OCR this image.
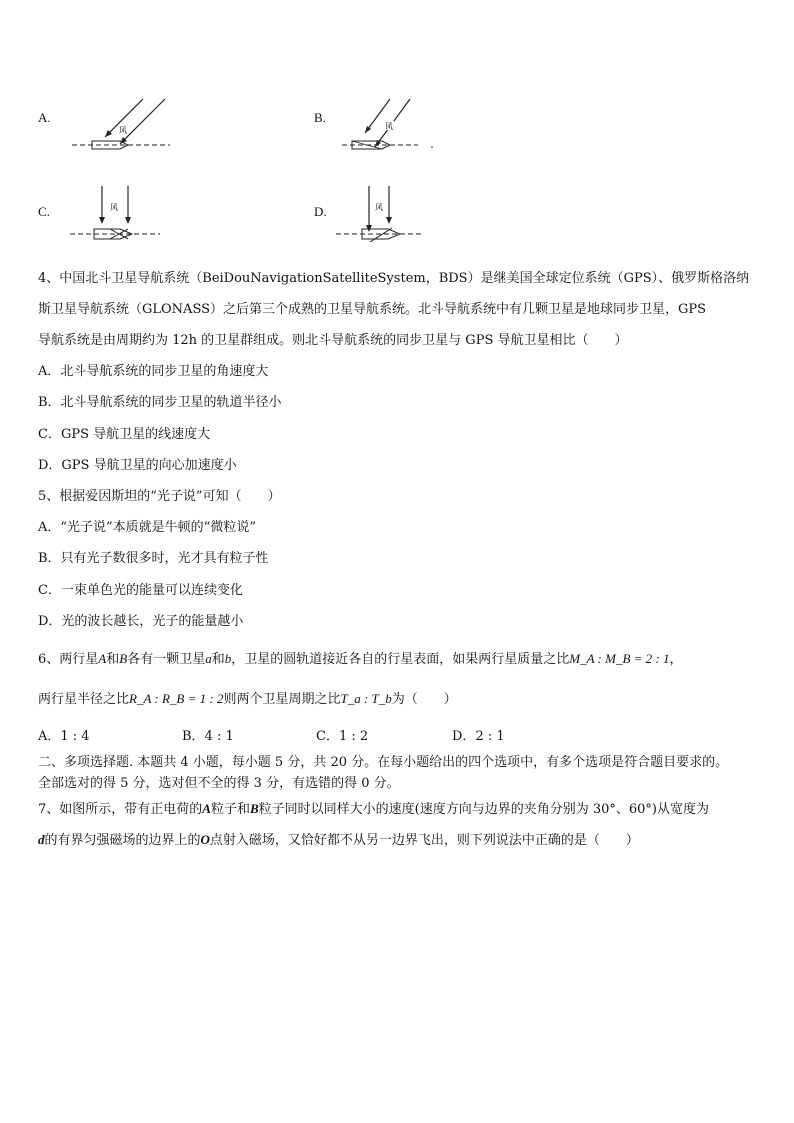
A.
风
B.
风
C.	风	D.	风
4、中国北斗卫星导航系统（BeiDouNavigationSatelliteSystem，BDS）是继美国全球定位系统（GPS）、俄罗斯格洛纳
斯卫星导航系统（GLONASS）之后第三个成熟的卫星导航系统。北斗导航系统中有几颗卫星是地球同步卫星，GPS
导航系统是由周期约为 12h 的卫星群组成。则北斗导航系统的同步卫星与 GPS 导航卫星相比（　　）
A．北斗导航系统的同步卫星的角速度大
B．北斗导航系统的同步卫星的轨道半径小
C．GPS 导航卫星的线速度大
D．GPS 导航卫星的向心加速度小
5、根据爱因斯坦的“光子说”可知（　　）
A．“光子说”本质就是牛顿的“微粒说”
B．只有光子数很多时，光才具有粒子性
C．一束单色光的能量可以连续变化
D．光的波长越长，光子的能量越小
6、两行星A和B各有一颗卫星a和b，卫星的圆轨道接近各自的行星表面，如果两行星质量之比M_A : M_B = 2 : 1，
两行星半径之比R_A : R_B = 1 : 2则两个卫星周期之比T_a : T_b为（　　）
A．1 : 4	B．4 : 1	C．1 : 2	D．2 : 1
二、多项选择题. 本题共 4 小题，每小题 5 分，共 20 分。在每小题给出的四个选项中，有多个选项是符合题目要求的。
全部选对的得 5 分，选对但不全的得 3 分，有选错的得 0 分。
7、如图所示，带有正电荷的A粒子和B粒子同时以同样大小的速度(速度方向与边界的夹角分别为 30°、60°)从宽度为
d的有界匀强磁场的边界上的O点射入磁场，又恰好都不从另一边界飞出，则下列说法中正确的是（　　）
